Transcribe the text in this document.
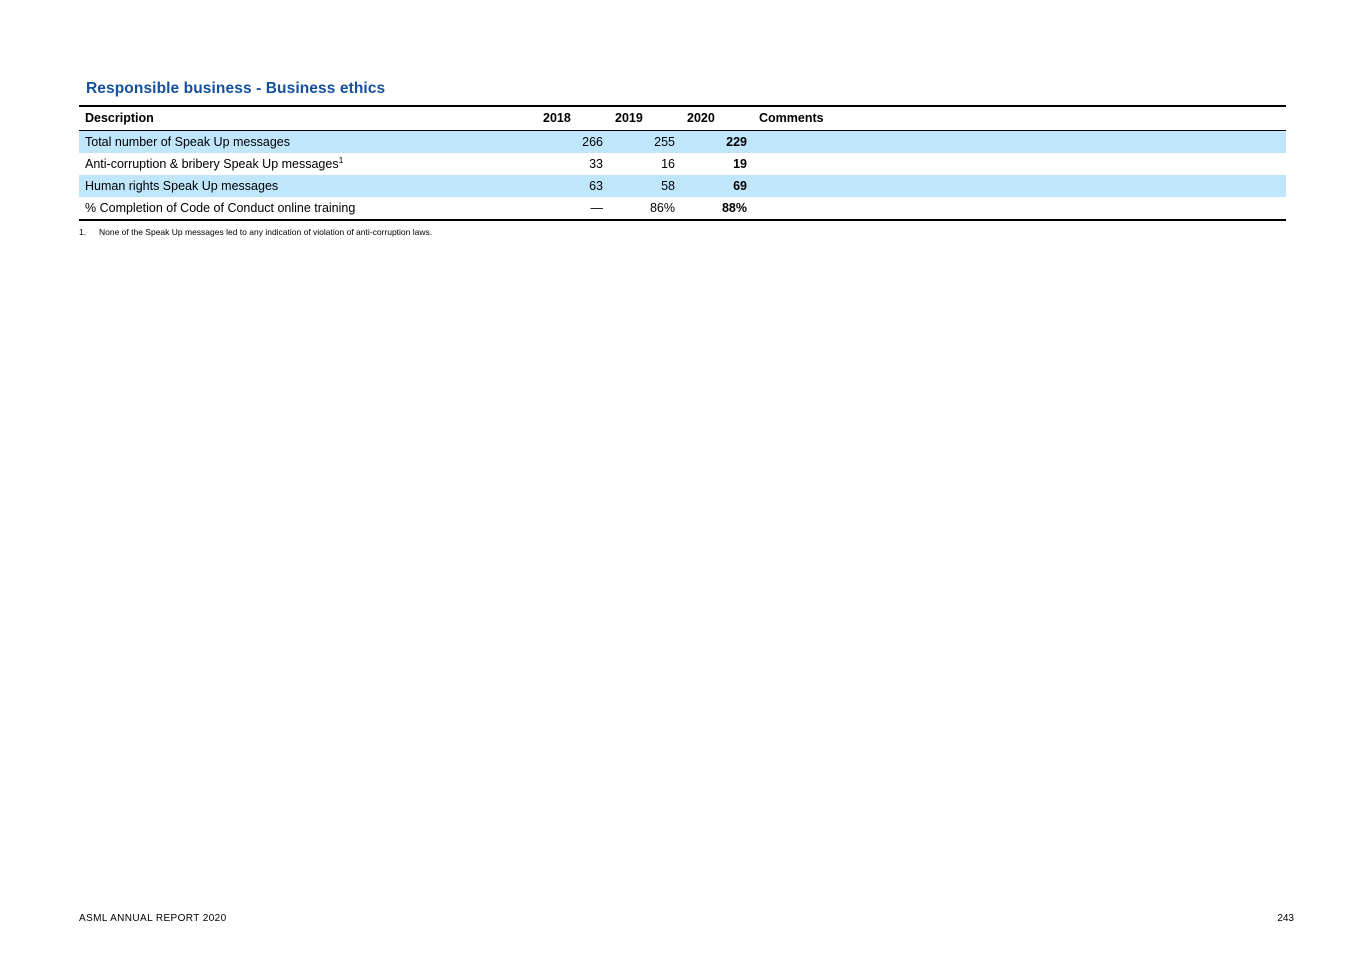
Responsible business - Business ethics
Description	2018	2019	2020	Comments
Total number of Speak Up messages	266	255	229	
Anti-corruption & bribery Speak Up messages$^1$	33	16	19	
Human rights Speak Up messages	63	58	69	
% Completion of Code of Conduct online training	—	86%	88%	
1.	None of the Speak Up messages led to any indication of violation of anti-corruption laws.
ASML ANNUAL REPORT 2020	243
